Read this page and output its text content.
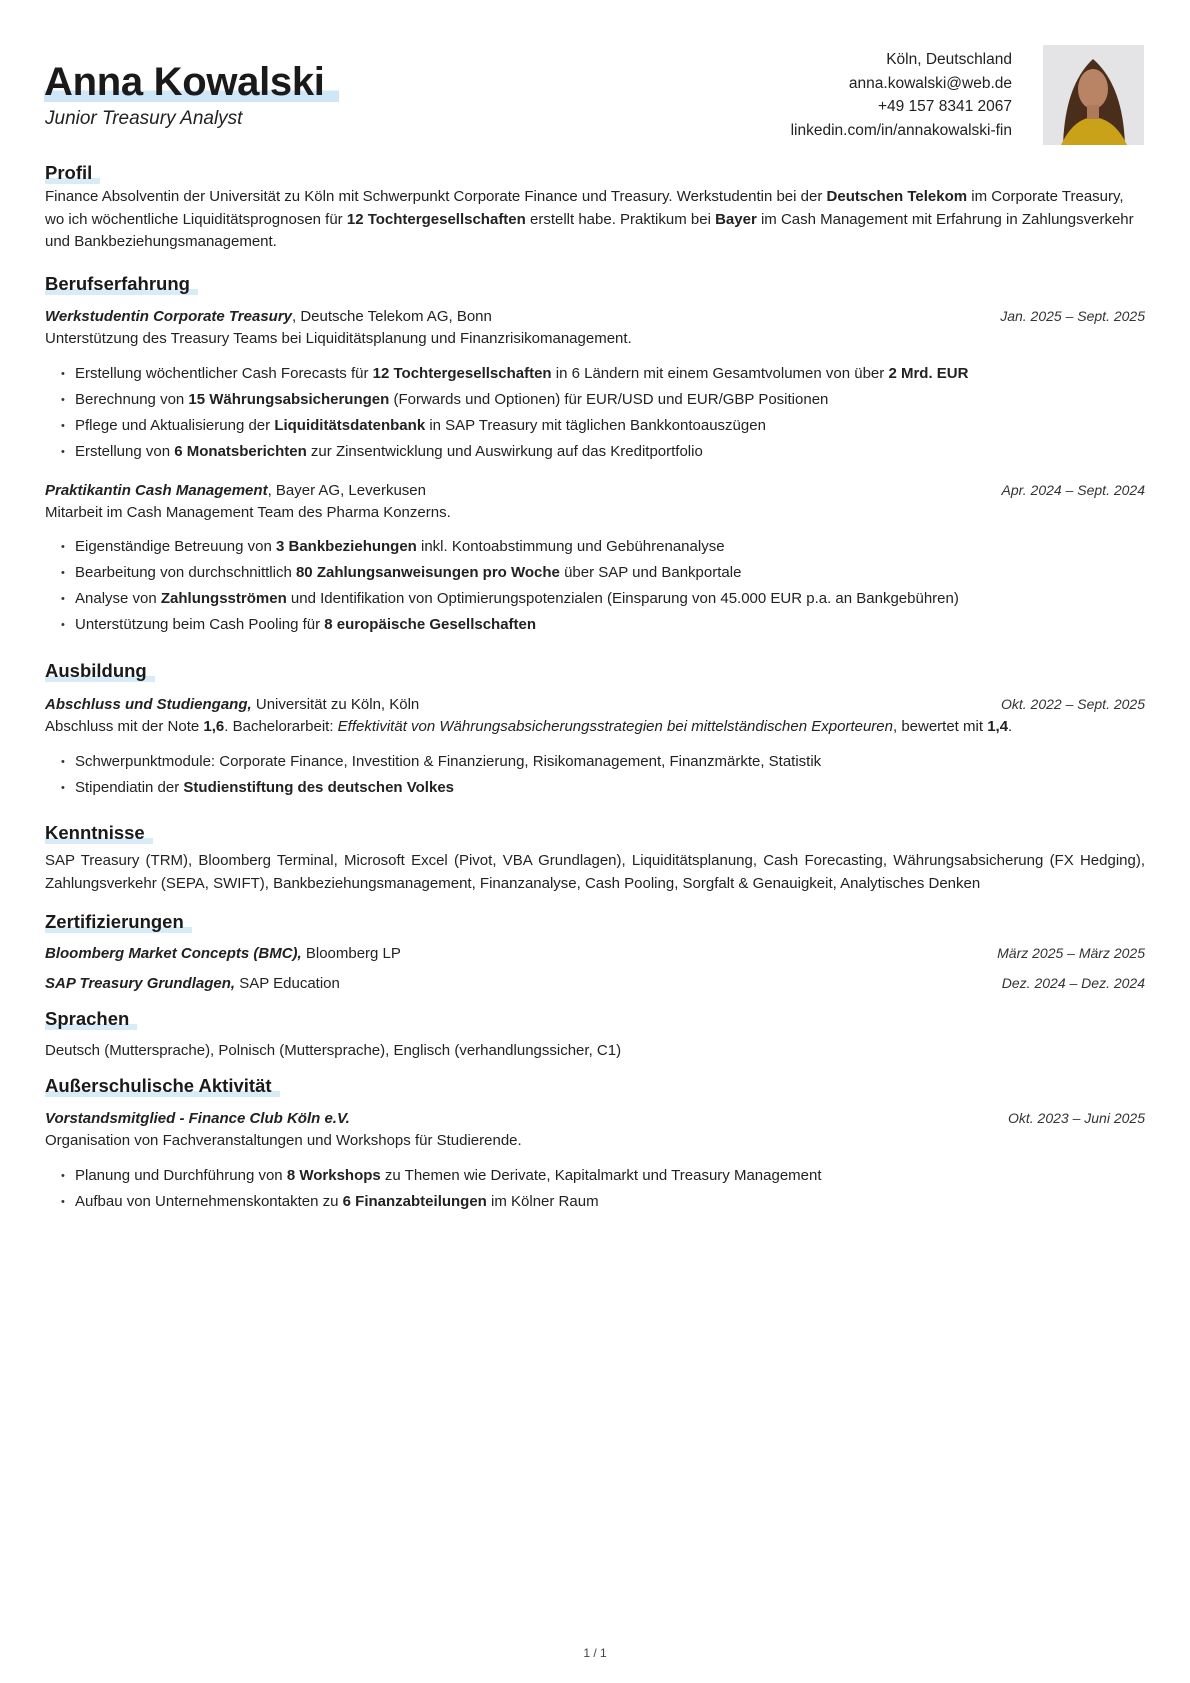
Anna Kowalski
Junior Treasury Analyst
Köln, Deutschland
anna.kowalski@web.de
+49 157 8341 2067
linkedin.com/in/annakowalski-fin
Profil
Finance Absolventin der Universität zu Köln mit Schwerpunkt Corporate Finance und Treasury. Werkstudentin bei der Deutschen Telekom im Corporate Treasury, wo ich wöchentliche Liquiditätsprognosen für 12 Tochtergesellschaften erstellt habe. Praktikum bei Bayer im Cash Management mit Erfahrung in Zahlungsverkehr und Bankbeziehungsmanagement.
Berufserfahrung
Werkstudentin Corporate Treasury, Deutsche Telekom AG, Bonn	Jan. 2025 – Sept. 2025
Unterstützung des Treasury Teams bei Liquiditätsplanung und Finanzrisikomanagement.
• Erstellung wöchentlicher Cash Forecasts für 12 Tochtergesellschaften in 6 Ländern mit einem Gesamtvolumen von über 2 Mrd. EUR
• Berechnung von 15 Währungsabsicherungen (Forwards und Optionen) für EUR/USD und EUR/GBP Positionen
• Pflege und Aktualisierung der Liquiditätsdatenbank in SAP Treasury mit täglichen Bankkontoauszügen
• Erstellung von 6 Monatsberichten zur Zinsentwicklung und Auswirkung auf das Kreditportfolio
Praktikantin Cash Management, Bayer AG, Leverkusen	Apr. 2024 – Sept. 2024
Mitarbeit im Cash Management Team des Pharma Konzerns.
• Eigenständige Betreuung von 3 Bankbeziehungen inkl. Kontoabstimmung und Gebührenanalyse
• Bearbeitung von durchschnittlich 80 Zahlungsanweisungen pro Woche über SAP und Bankportale
• Analyse von Zahlungsströmen und Identifikation von Optimierungspotenzialen (Einsparung von 45.000 EUR p.a. an Bankgebühren)
• Unterstützung beim Cash Pooling für 8 europäische Gesellschaften
Ausbildung
Abschluss und Studiengang, Universität zu Köln, Köln	Okt. 2022 – Sept. 2025
Abschluss mit der Note 1,6. Bachelorarbeit: Effektivität von Währungsabsicherungsstrategien bei mittelständischen Exporteuren, bewertet mit 1,4.
• Schwerpunktmodule: Corporate Finance, Investition & Finanzierung, Risikomanagement, Finanzmärkte, Statistik
• Stipendiatin der Studienstiftung des deutschen Volkes
Kenntnisse
SAP Treasury (TRM), Bloomberg Terminal, Microsoft Excel (Pivot, VBA Grundlagen), Liquiditätsplanung, Cash Forecasting, Währungsabsicherung (FX Hedging), Zahlungsverkehr (SEPA, SWIFT), Bankbeziehungsmanagement, Finanzanalyse, Cash Pooling, Sorgfalt & Genauigkeit, Analytisches Denken
Zertifizierungen
Bloomberg Market Concepts (BMC), Bloomberg LP	März 2025 – März 2025
SAP Treasury Grundlagen, SAP Education	Dez. 2024 – Dez. 2024
Sprachen
Deutsch (Muttersprache), Polnisch (Muttersprache), Englisch (verhandlungssicher, C1)
Außerschulische Aktivität
Vorstandsmitglied - Finance Club Köln e.V.	Okt. 2023 – Juni 2025
Organisation von Fachveranstaltungen und Workshops für Studierende.
• Planung und Durchführung von 8 Workshops zu Themen wie Derivate, Kapitalmarkt und Treasury Management
• Aufbau von Unternehmenskontakten zu 6 Finanzabteilungen im Kölner Raum
1 / 1
